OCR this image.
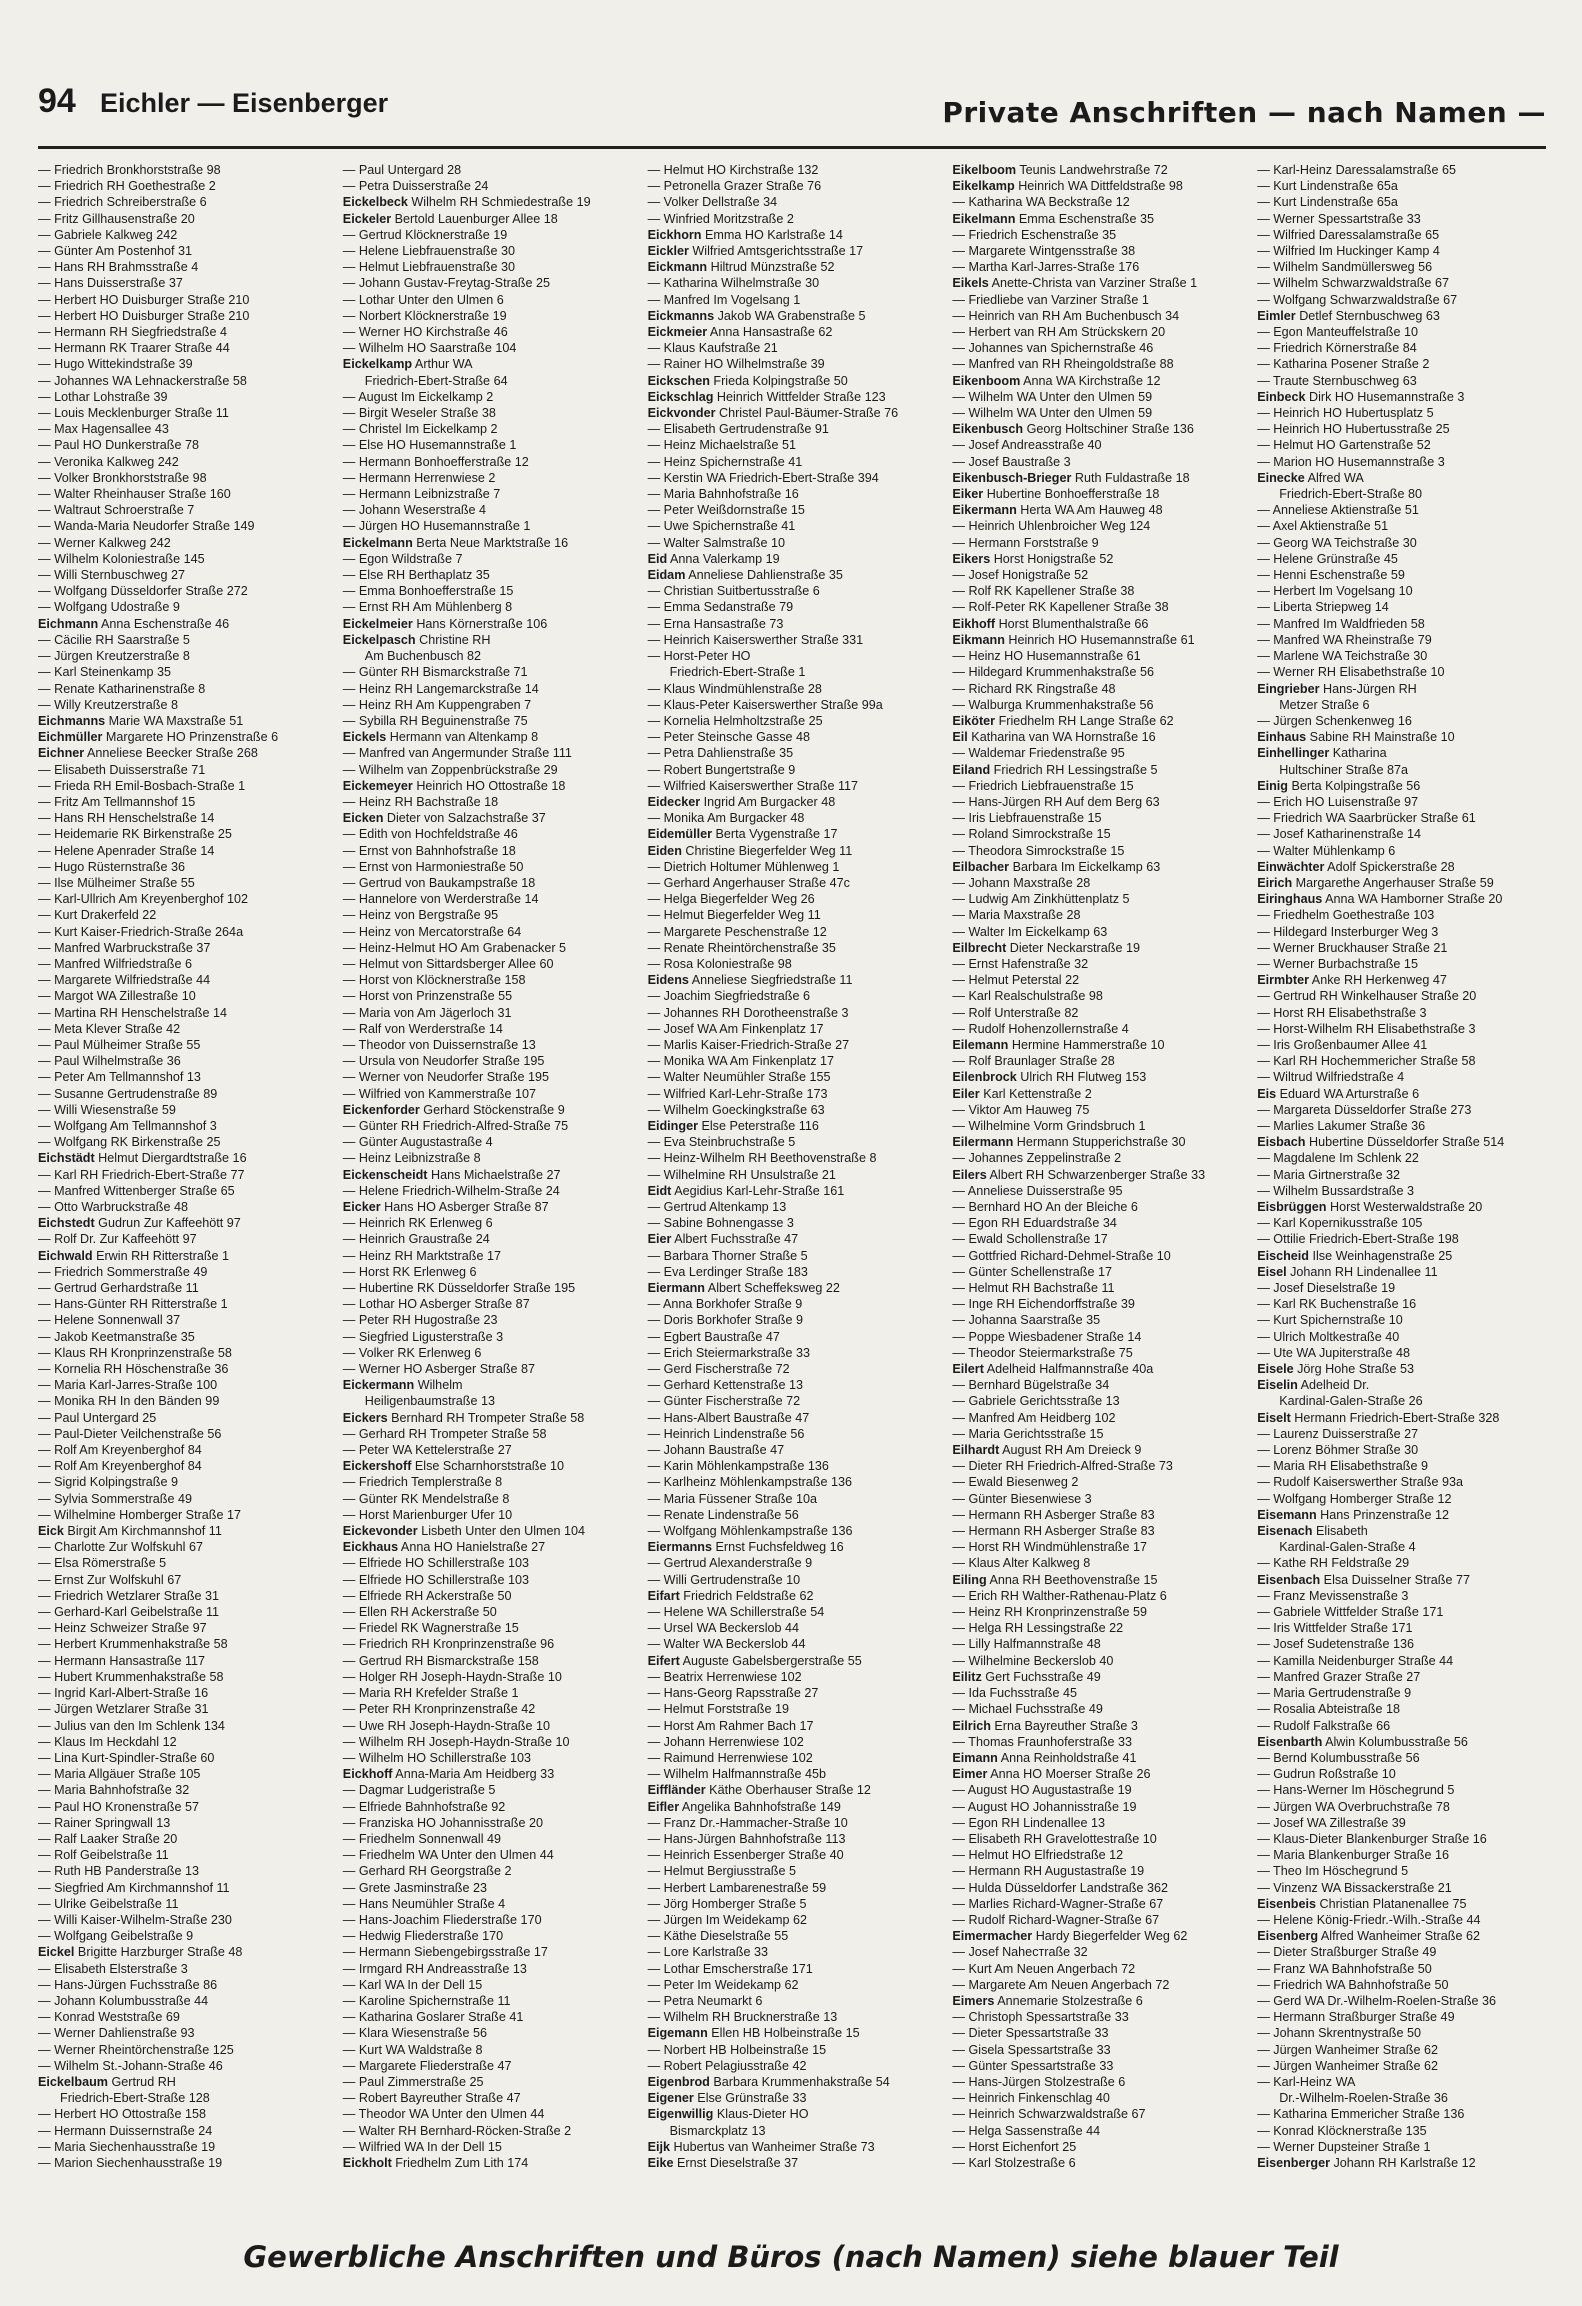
94 Eichler — Eisenberger	Private Anschriften — nach Namen —
— Friedrich Bronkhorststraße 98
— Friedrich RH Goethestraße 2
— Friedrich Schreiberstraße 6
— Fritz Gillhausenstraße 20
— Gabriele Kalkweg 242
— Günter Am Postenhof 31
— Hans RH Brahmsstraße 4
— Hans Duisserstraße 37
— Herbert HO Duisburger Straße 210
— Herbert HO Duisburger Straße 210
— Hermann RH Siegfriedstraße 4
— Hermann RK Traarer Straße 44
— Hugo Wittekindstraße 39
— Johannes WA Lehnackerstraße 58
— Lothar Lohstraße 39
— Louis Mecklenburger Straße 11
— Max Hagensallee 43
— Paul HO Dunkerstraße 78
— Veronika Kalkweg 242
— Volker Bronkhorststraße 98
— Walter Rheinhauser Straße 160
— Waltraut Schroerstraße 7
— Wanda-Maria Neudorfer Straße 149
— Werner Kalkweg 242
— Wilhelm Koloniestraße 145
— Willi Sternbuschweg 27
— Wolfgang Düsseldorfer Straße 272
— Wolfgang Udostraße 9
Eichmann Anna Eschenstraße 46
— Cäcilie RH Saarstraße 5
— Jürgen Kreutzerstraße 8
— Karl Steinenkamp 35
— Renate Katharinenstraße 8
— Willy Kreutzerstraße 8
Eichmanns Marie WA Maxstraße 51
Eichmüller Margarete HO Prinzenstraße 6
Eichner Anneliese Beecker Straße 268
— Elisabeth Duisserstraße 71
— Frieda RH Emil-Bosbach-Straße 1
— Fritz Am Tellmannshof 15
— Hans RH Henschelstraße 14
— Heidemarie RK Birkenstraße 25
— Helene Apenrader Straße 14
— Hugo Rüsternstraße 36
— Ilse Mülheimer Straße 55
— Karl-Ullrich Am Kreyenberghof 102
— Kurt Drakerfeld 22
— Kurt Kaiser-Friedrich-Straße 264a
— Manfred Warbruckstraße 37
— Manfred Wilfriedstraße 6
— Margarete Wilfriedstraße 44
— Margot WA Zillestraße 10
— Martina RH Henschelstraße 14
— Meta Klever Straße 42
— Paul Mülheimer Straße 55
— Paul Wilhelmstraße 36
— Peter Am Tellmannshof 13
— Susanne Gertrudenstraße 89
— Willi Wiesenstraße 59
— Wolfgang Am Tellmannshof 3
— Wolfgang RK Birkenstraße 25
Eichstädt Helmut Diergardtstraße 16
— Karl RH Friedrich-Ebert-Straße 77
— Manfred Wittenberger Straße 65
— Otto Warbruckstraße 48
Eichstedt Gudrun Zur Kaffeehött 97
— Rolf Dr. Zur Kaffeehött 97
Eichwald Erwin RH Ritterstraße 1
— Friedrich Sommerstraße 49
— Gertrud Gerhardstraße 11
— Hans-Günter RH Ritterstraße 1
— Helene Sonnenwall 37
— Jakob Keetmanstraße 35
— Klaus RH Kronprinzenstraße 58
— Kornelia RH Höschenstraße 36
— Maria Karl-Jarres-Straße 100
— Monika RH In den Bänden 99
— Paul Untergard 25
— Paul-Dieter Veilchenstraße 56
— Rolf Am Kreyenberghof 84
— Rolf Am Kreyenberghof 84
— Sigrid Kolpingstraße 9
— Sylvia Sommerstraße 49
— Wilhelmine Homberger Straße 17
Eick Birgit Am Kirchmannshof 11
— Charlotte Zur Wolfskuhl 67
— Elsa Römerstraße 5
— Ernst Zur Wolfskuhl 67
— Friedrich Wetzlarer Straße 31
— Gerhard-Karl Geibelstraße 11
— Heinz Schweizer Straße 97
— Herbert Krummenhakstraße 58
— Hermann Hansastraße 117
— Hubert Krummenhakstraße 58
— Ingrid Karl-Albert-Straße 16
— Jürgen Wetzlarer Straße 31
— Julius van den Im Schlenk 134
— Klaus Im Heckdahl 12
— Lina Kurt-Spindler-Straße 60
— Maria Allgäuer Straße 105
— Maria Bahnhofstraße 32
— Paul HO Kronenstraße 57
— Rainer Springwall 13
— Ralf Laaker Straße 20
— Rolf Geibelstraße 11
— Ruth HB Panderstraße 13
— Siegfried Am Kirchmannshof 11
— Ulrike Geibelstraße 11
— Willi Kaiser-Wilhelm-Straße 230
— Wolfgang Geibelstraße 9
Eickel Brigitte Harzburger Straße 48
— Elisabeth Elsterstraße 3
— Hans-Jürgen Fuchsstraße 86
— Johann Kolumbusstraße 44
— Konrad Weststraße 69
— Werner Dahlienstraße 93
— Werner Rheintörchenstraße 125
— Wilhelm St.-Johann-Straße 46
Eickelbaum Gertrud RH
Friedrich-Ebert-Straße 128
— Herbert HO Ottostraße 158
— Hermann Duissernstraße 24
— Maria Siechenhausstraße 19
— Marion Siechenhausstraße 19
— Paul Untergard 28
— Petra Duisserstraße 24
Eickelbeck Wilhelm RH Schmiedestraße 19
Eickeler Bertold Lauenburger Allee 18
— Gertrud Klöcknerstraße 19
— Helene Liebfrauenstraße 30
— Helmut Liebfrauenstraße 30
— Johann Gustav-Freytag-Straße 25
— Lothar Unter den Ulmen 6
— Norbert Klöcknerstraße 19
— Werner HO Kirchstraße 46
— Wilhelm HO Saarstraße 104
Eickelkamp Arthur WA
Friedrich-Ebert-Straße 64
— August Im Eickelkamp 2
— Birgit Weseler Straße 38
— Christel Im Eickelkamp 2
— Else HO Husemannstraße 1
— Hermann Bonhoefferstraße 12
— Hermann Herrenwiese 2
— Hermann Leibnizstraße 7
— Johann Weserstraße 4
— Jürgen HO Husemannstraße 1
Eickelmann Berta Neue Marktstraße 16
— Egon Wildstraße 7
— Else RH Berthaplatz 35
— Emma Bonhoefferstraße 15
— Ernst RH Am Mühlenberg 8
Eickelmeier Hans Körnerstraße 106
Eickelpasch Christine RH
Am Buchenbusch 82
— Günter RH Bismarckstraße 71
— Heinz RH Langemarckstraße 14
— Heinz RH Am Kuppengraben 7
— Sybilla RH Beguinenstraße 75
Eickels Hermann van Altenkamp 8
— Manfred van Angermunder Straße 111
— Wilhelm van Zoppenbrückstraße 29
Eickemeyer Heinrich HO Ottostraße 18
— Heinz RH Bachstraße 18
Eicken Dieter von Salzachstraße 37
— Edith von Hochfeldstraße 46
— Ernst von Bahnhofstraße 18
— Ernst von Harmoniestraße 50
— Gertrud von Baukampstraße 18
— Hannelore von Werderstraße 14
— Heinz von Bergstraße 95
— Heinz von Mercatorstraße 64
— Heinz-Helmut HO Am Grabenacker 5
— Helmut von Sittardsberger Allee 60
— Horst von Klöcknerstraße 158
— Horst von Prinzenstraße 55
— Maria von Am Jägerloch 31
— Ralf von Werderstraße 14
— Theodor von Duissernstraße 13
— Ursula von Neudorfer Straße 195
— Werner von Neudorfer Straße 195
— Wilfried von Kammerstraße 107
Eickenforder Gerhard Stöckenstraße 9
— Günter RH Friedrich-Alfred-Straße 75
— Günter Augustastraße 4
— Heinz Leibnizstraße 8
Eickenscheidt Hans Michaelstraße 27
— Helene Friedrich-Wilhelm-Straße 24
Eicker Hans HO Asberger Straße 87
— Heinrich RK Erlenweg 6
— Heinrich Graustraße 24
— Heinz RH Marktstraße 17
— Horst RK Erlenweg 6
— Hubertine RK Düsseldorfer Straße 195
— Lothar HO Asberger Straße 87
— Peter RH Hugostraße 23
— Siegfried Ligusterstraße 3
— Volker RK Erlenweg 6
— Werner HO Asberger Straße 87
Eickermann Wilhelm
Heiligenbaumstraße 13
Eickers Bernhard RH Trompeter Straße 58
— Gerhard RH Trompeter Straße 58
— Peter WA Kettelerstraße 27
Eickershoff Else Scharnhorststraße 10
— Friedrich Templerstraße 8
— Günter RK Mendelstraße 8
— Horst Marienburger Ufer 10
Eickevonder Lisbeth Unter den Ulmen 104
Eickhaus Anna HO Hanielstraße 27
— Elfriede HO Schillerstraße 103
— Elfriede HO Schillerstraße 103
— Elfriede RH Ackerstraße 50
— Ellen RH Ackerstraße 50
— Friedel RK Wagnerstraße 15
— Friedrich RH Kronprinzenstraße 96
— Gertrud RH Bismarckstraße 158
— Holger RH Joseph-Haydn-Straße 10
— Maria RH Krefelder Straße 1
— Peter RH Kronprinzenstraße 42
— Uwe RH Joseph-Haydn-Straße 10
— Wilhelm RH Joseph-Haydn-Straße 10
— Wilhelm HO Schillerstraße 103
Eickhoff Anna-Maria Am Heidberg 33
— Dagmar Ludgeristraße 5
— Elfriede Bahnhofstraße 92
— Franziska HO Johannisstraße 20
— Friedhelm Sonnenwall 49
— Friedhelm WA Unter den Ulmen 44
— Gerhard RH Georgstraße 2
— Grete Jasminstraße 23
— Hans Neumühler Straße 4
— Hans-Joachim Fliederstraße 170
— Hedwig Fliederstraße 170
— Hermann Siebengebirgsstraße 17
— Irmgard RH Andreasstraße 13
— Karl WA In der Dell 15
— Karoline Spichernstraße 11
— Katharina Goslarer Straße 41
— Klara Wiesenstraße 56
— Kurt WA Waldstraße 8
— Margarete Fliederstraße 47
— Paul Zimmerstraße 25
— Robert Bayreuther Straße 47
— Theodor WA Unter den Ulmen 44
— Walter RH Bernhard-Röcken-Straße 2
— Wilfried WA In der Dell 15
Eickholt Friedhelm Zum Lith 174
— Helmut HO Kirchstraße 132
— Petronella Grazer Straße 76
— Volker Dellstraße 34
— Winfried Moritzstraße 2
Eickhorn Emma HO Karlstraße 14
Eickler Wilfried Amtsgerichtsstraße 17
Eickmann Hiltrud Münzstraße 52
— Katharina Wilhelmstraße 30
— Manfred Im Vogelsang 1
Eickmanns Jakob WA Grabenstraße 5
Eickmeier Anna Hansastraße 62
— Klaus Kaufstraße 21
— Rainer HO Wilhelmstraße 39
Eickschen Frieda Kolpingstraße 50
Eickschlag Heinrich Wittfelder Straße 123
Eickvonder Christel Paul-Bäumer-Straße 76
— Elisabeth Gertrudenstraße 91
— Heinz Michaelstraße 51
— Heinz Spichernstraße 41
— Kerstin WA Friedrich-Ebert-Straße 394
— Maria Bahnhofstraße 16
— Peter Weißdornstraße 15
— Uwe Spichernstraße 41
— Walter Salmstraße 10
Eid Anna Valerkamp 19
Eidam Anneliese Dahlienstraße 35
— Christian Suitbertusstraße 6
— Emma Sedanstraße 79
— Erna Hansastraße 73
— Heinrich Kaiserswerther Straße 331
— Horst-Peter HO
Friedrich-Ebert-Straße 1
— Klaus Windmühlenstraße 28
— Klaus-Peter Kaiserswerther Straße 99a
— Kornelia Helmholtzstraße 25
— Peter Steinsche Gasse 48
— Petra Dahlienstraße 35
— Robert Bungertstraße 9
— Wilfried Kaiserswerther Straße 117
Eidecker Ingrid Am Burgacker 48
— Monika Am Burgacker 48
Eidemüller Berta Vygenstraße 17
Eiden Christine Biegerfelder Weg 11
— Dietrich Holtumer Mühlenweg 1
— Gerhard Angerhauser Straße 47c
— Helga Biegerfelder Weg 26
— Helmut Biegerfelder Weg 11
— Margarete Peschenstraße 12
— Renate Rheintörchenstraße 35
— Rosa Koloniestraße 98
Eidens Anneliese Siegfriedstraße 11
— Joachim Siegfriedstraße 6
— Johannes RH Dorotheenstraße 3
— Josef WA Am Finkenplatz 17
— Marlis Kaiser-Friedrich-Straße 27
— Monika WA Am Finkenplatz 17
— Walter Neumühler Straße 155
— Wilfried Karl-Lehr-Straße 173
— Wilhelm Goeckingkstraße 63
Eidinger Else Peterstraße 116
— Eva Steinbruchstraße 5
— Heinz-Wilhelm RH Beethovenstraße 8
— Wilhelmine RH Unsulstraße 21
Eidt Aegidius Karl-Lehr-Straße 161
— Gertrud Altenkamp 13
— Sabine Bohnengasse 3
Eier Albert Fuchsstraße 47
— Barbara Thorner Straße 5
— Eva Lerdinger Straße 183
Eiermann Albert Scheffeksweg 22
— Anna Borkhofer Straße 9
— Doris Borkhofer Straße 9
— Egbert Baustraße 47
— Erich Steiermarkstraße 33
— Gerd Fischerstraße 72
— Gerhard Kettenstraße 13
— Günter Fischerstraße 72
— Hans-Albert Baustraße 47
— Heinrich Lindenstraße 56
— Johann Baustraße 47
— Karin Möhlenkampstraße 136
— Karlheinz Möhlenkampstraße 136
— Maria Füssener Straße 10a
— Renate Lindenstraße 56
— Wolfgang Möhlenkampstraße 136
Eiermanns Ernst Fuchsfeldweg 16
— Gertrud Alexanderstraße 9
— Willi Gertrudenstraße 10
Eifart Friedrich Feldstraße 62
— Helene WA Schillerstraße 54
— Ursel WA Beckerslob 44
— Walter WA Beckerslob 44
Eifert Auguste Gabelsbergerstraße 55
— Beatrix Herrenwiese 102
— Hans-Georg Rapsstraße 27
— Helmut Forststraße 19
— Horst Am Rahmer Bach 17
— Johann Herrenwiese 102
— Raimund Herrenwiese 102
— Wilhelm Halfmannstraße 45b
Eiffländer Käthe Oberhauser Straße 12
Eifler Angelika Bahnhofstraße 149
— Franz Dr.-Hammacher-Straße 10
— Hans-Jürgen Bahnhofstraße 113
— Heinrich Essenberger Straße 40
— Helmut Bergiusstraße 5
— Herbert Lambarenestraße 59
— Jörg Homberger Straße 5
— Jürgen Im Weidekamp 62
— Käthe Dieselstraße 55
— Lore Karlstraße 33
— Lothar Emscherstraße 171
— Peter Im Weidekamp 62
— Petra Neumarkt 6
— Wilhelm RH Brucknerstraße 13
Eigemann Ellen HB Holbeinstraße 15
— Norbert HB Holbeinstraße 15
— Robert Pelagiusstraße 42
Eigenbrod Barbara Krummenhakstraße 54
Eigener Else Grünstraße 33
Eigenwillig Klaus-Dieter HO
Bismarckplatz 13
Eijk Hubertus van Wanheimer Straße 73
Eike Ernst Dieselstraße 37
Eikelboom Teunis Landwehrstraße 72
Eikelkamp Heinrich WA Dittfeldstraße 98
— Katharina WA Beckstraße 12
Eikelmann Emma Eschenstraße 35
— Friedrich Eschenstraße 35
— Margarete Wintgensstraße 38
— Martha Karl-Jarres-Straße 176
Eikels Anette-Christa van Varziner Straße 1
— Friedliebe van Varziner Straße 1
— Heinrich van RH Am Buchenbusch 34
— Herbert van RH Am Strückskern 20
— Johannes van Spichernstraße 46
— Manfred van RH Rheingoldstraße 88
Eikenboom Anna WA Kirchstraße 12
— Wilhelm WA Unter den Ulmen 59
— Wilhelm WA Unter den Ulmen 59
Eikenbusch Georg Holtschiner Straße 136
— Josef Andreasstraße 40
— Josef Baustraße 3
Eikenbusch-Brieger Ruth Fuldastraße 18
Eiker Hubertine Bonhoefferstraße 18
Eikermann Herta WA Am Hauweg 48
— Heinrich Uhlenbroicher Weg 124
— Hermann Forststraße 9
Eikers Horst Honigstraße 52
— Josef Honigstraße 52
— Rolf RK Kapellener Straße 38
— Rolf-Peter RK Kapellener Straße 38
Eikhoff Horst Blumenthalstraße 66
Eikmann Heinrich HO Husemannstraße 61
— Heinz HO Husemannstraße 61
— Hildegard Krummenhakstraße 56
— Richard RK Ringstraße 48
— Walburga Krummenhakstraße 56
Eiköter Friedhelm RH Lange Straße 62
Eil Katharina van WA Hornstraße 16
— Waldemar Friedenstraße 95
Eiland Friedrich RH Lessingstraße 5
— Friedrich Liebfrauenstraße 15
— Hans-Jürgen RH Auf dem Berg 63
— Iris Liebfrauenstraße 15
— Roland Simrockstraße 15
— Theodora Simrockstraße 15
Eilbacher Barbara Im Eickelkamp 63
— Johann Maxstraße 28
— Ludwig Am Zinkhüttenplatz 5
— Maria Maxstraße 28
— Walter Im Eickelkamp 63
Eilbrecht Dieter Neckarstraße 19
— Ernst Hafenstraße 32
— Helmut Peterstal 22
— Karl Realschulstraße 98
— Rolf Unterstraße 82
— Rudolf Hohenzollernstraße 4
Eilemann Hermine Hammerstraße 10
— Rolf Braunlager Straße 28
Eilenbrock Ulrich RH Flutweg 153
Eiler Karl Kettenstraße 2
— Viktor Am Hauweg 75
— Wilhelmine Vorm Grindsbruch 1
Eilermann Hermann Stupperichstraße 30
— Johannes Zeppelinstraße 2
Eilers Albert RH Schwarzenberger Straße 33
— Anneliese Duisserstraße 95
— Bernhard HO An der Bleiche 6
— Egon RH Eduardstraße 34
— Ewald Schollenstraße 17
— Gottfried Richard-Dehmel-Straße 10
— Günter Schellenstraße 17
— Helmut RH Bachstraße 11
— Inge RH Eichendorffstraße 39
— Johanna Saarstraße 35
— Poppe Wiesbadener Straße 14
— Theodor Steiermarkstraße 75
Eilert Adelheid Halfmannstraße 40a
— Bernhard Bügelstraße 34
— Gabriele Gerichtsstraße 13
— Manfred Am Heidberg 102
— Maria Gerichtsstraße 15
Eilhardt August RH Am Dreieck 9
— Dieter RH Friedrich-Alfred-Straße 73
— Ewald Biesenweg 2
— Günter Biesenwiese 3
— Hermann RH Asberger Straße 83
— Hermann RH Asberger Straße 83
— Horst RH Windmühlenstraße 17
— Klaus Alter Kalkweg 8
Eiling Anna RH Beethovenstraße 15
— Erich RH Walther-Rathenau-Platz 6
— Heinz RH Kronprinzenstraße 59
— Helga RH Lessingstraße 22
— Lilly Halfmannstraße 48
— Wilhelmine Beckerslob 40
Eilitz Gert Fuchsstraße 49
— Ida Fuchsstraße 45
— Michael Fuchsstraße 49
Eilrich Erna Bayreuther Straße 3
— Thomas Fraunhoferstraße 33
Eimann Anna Reinholdstraße 41
Eimer Anna HO Moerser Straße 26
— August HO Augustastraße 19
— August HO Johannisstraße 19
— Egon RH Lindenallee 13
— Elisabeth RH Gravelottestraße 10
— Helmut HO Elfriedstraße 12
— Hermann RH Augustastraße 19
— Hulda Düsseldorfer Landstraße 362
— Marlies Richard-Wagner-Straße 67
— Rudolf Richard-Wagner-Straße 67
Eimermacher Hardy Biegerfelder Weg 62
— Josef Naheстraße 32
— Kurt Am Neuen Angerbach 72
— Margarete Am Neuen Angerbach 72
Eimers Annemarie Stolzestraße 6
— Christoph Spessartstraße 33
— Dieter Spessartstraße 33
— Gisela Spessartstraße 33
— Günter Spessartstraße 33
— Hans-Jürgen Stolzestraße 6
— Heinrich Finkenschlag 40
— Heinrich Schwarzwaldstraße 67
— Helga Sassenstraße 44
— Horst Eichenfort 25
— Karl Stolzestraße 6
— Karl-Heinz Daressalamstraße 65
— Kurt Lindenstraße 65a
— Kurt Lindenstraße 65a
— Werner Spessartstraße 33
— Wilfried Daressalamstraße 65
— Wilfried Im Huckinger Kamp 4
— Wilhelm Sandmüllersweg 56
— Wilhelm Schwarzwaldstraße 67
— Wolfgang Schwarzwaldstraße 67
Eimler Detlef Sternbuschweg 63
— Egon Manteuffelstraße 10
— Friedrich Körnerstraße 84
— Katharina Posener Straße 2
— Traute Sternbuschweg 63
Einbeck Dirk HO Husemannstraße 3
— Heinrich HO Hubertusplatz 5
— Heinrich HO Hubertusstraße 25
— Helmut HO Gartenstraße 52
— Marion HO Husemannstraße 3
Einecke Alfred WA
Friedrich-Ebert-Straße 80
— Anneliese Aktienstraße 51
— Axel Aktienstraße 51
— Georg WA Teichstraße 30
— Helene Grünstraße 45
— Henni Eschenstraße 59
— Herbert Im Vogelsang 10
— Liberta Striepweg 14
— Manfred Im Waldfrieden 58
— Manfred WA Rheinstraße 79
— Marlene WA Teichstraße 30
— Werner RH Elisabethstraße 10
Eingrieber Hans-Jürgen RH
Metzer Straße 6
— Jürgen Schenkenweg 16
Einhaus Sabine RH Mainstraße 10
Einhellinger Katharina
Hultschiner Straße 87a
Einig Berta Kolpingstraße 56
— Erich HO Luisenstraße 97
— Friedrich WA Saarbrücker Straße 61
— Josef Katharinenstraße 14
— Walter Mühlenkamp 6
Einwächter Adolf Spickerstraße 28
Eirich Margarethe Angerhauser Straße 59
Eiringhaus Anna WA Hamborner Straße 20
— Friedhelm Goethestraße 103
— Hildegard Insterburger Weg 3
— Werner Bruckhauser Straße 21
— Werner Burbachstraße 15
Eirmbter Anke RH Herkenweg 47
— Gertrud RH Winkelhauser Straße 20
— Horst RH Elisabethstraße 3
— Horst-Wilhelm RH Elisabethstraße 3
— Iris Großenbaumer Allee 41
— Karl RH Hochemmericher Straße 58
— Wiltrud Wilfriedstraße 4
Eis Eduard WA Arturstraße 6
— Margareta Düsseldorfer Straße 273
— Marlies Lakumer Straße 36
Eisbach Hubertine Düsseldorfer Straße 514
— Magdalene Im Schlenk 22
— Maria Girtnerstraße 32
— Wilhelm Bussardstraße 3
Eisbrüggen Horst Westerwaldstraße 20
— Karl Kopernikusstraße 105
— Ottilie Friedrich-Ebert-Straße 198
Eischeid Ilse Weinhagenstraße 25
Eisel Johann RH Lindenallee 11
— Josef Dieselstraße 19
— Karl RK Buchenstraße 16
— Kurt Spichernstraße 10
— Ulrich Moltkestraße 40
— Ute WA Jupiterstraße 48
Eisele Jörg Hohe Straße 53
Eiselin Adelheid Dr.
Kardinal-Galen-Straße 26
Eiselt Hermann Friedrich-Ebert-Straße 328
— Laurenz Duisserstraße 27
— Lorenz Böhmer Straße 30
— Maria RH Elisabethstraße 9
— Rudolf Kaiserswerther Straße 93a
— Wolfgang Homberger Straße 12
Eisemann Hans Prinzenstraße 12
Eisenach Elisabeth
Kardinal-Galen-Straße 4
— Kathe RH Feldstraße 29
Eisenbach Elsa Duisselner Straße 77
— Franz Mevissenstraße 3
— Gabriele Wittfelder Straße 171
— Iris Wittfelder Straße 171
— Josef Sudetenstraße 136
— Kamilla Neidenburger Straße 44
— Manfred Grazer Straße 27
— Maria Gertrudenstraße 9
— Rosalia Abteistraße 18
— Rudolf Falkstraße 66
Eisenbarth Alwin Kolumbusstraße 56
— Bernd Kolumbusstraße 56
— Gudrun Roßstraße 10
— Hans-Werner Im Höschegrund 5
— Jürgen WA Overbruchstraße 78
— Josef WA Zillestraße 39
— Klaus-Dieter Blankenburger Straße 16
— Maria Blankenburger Straße 16
— Theo Im Höschegrund 5
— Vinzenz WA Bissackerstraße 21
Eisenbeis Christian Platanenallee 75
— Helene König-Friedr.-Wilh.-Straße 44
Eisenberg Alfred Wanheimer Straße 62
— Dieter Straßburger Straße 49
— Franz WA Bahnhofstraße 50
— Friedrich WA Bahnhofstraße 50
— Gerd WA Dr.-Wilhelm-Roelen-Straße 36
— Hermann Straßburger Straße 49
— Johann Skrentnystraße 50
— Jürgen Wanheimer Straße 62
— Jürgen Wanheimer Straße 62
— Karl-Heinz WA
Dr.-Wilhelm-Roelen-Straße 36
— Katharina Emmericher Straße 136
— Konrad Klöcknerstraße 135
— Werner Dupsteiner Straße 1
Eisenberger Johann RH Karlstraße 12
Gewerbliche Anschriften und Büros (nach Namen) siehe blauer Teil
